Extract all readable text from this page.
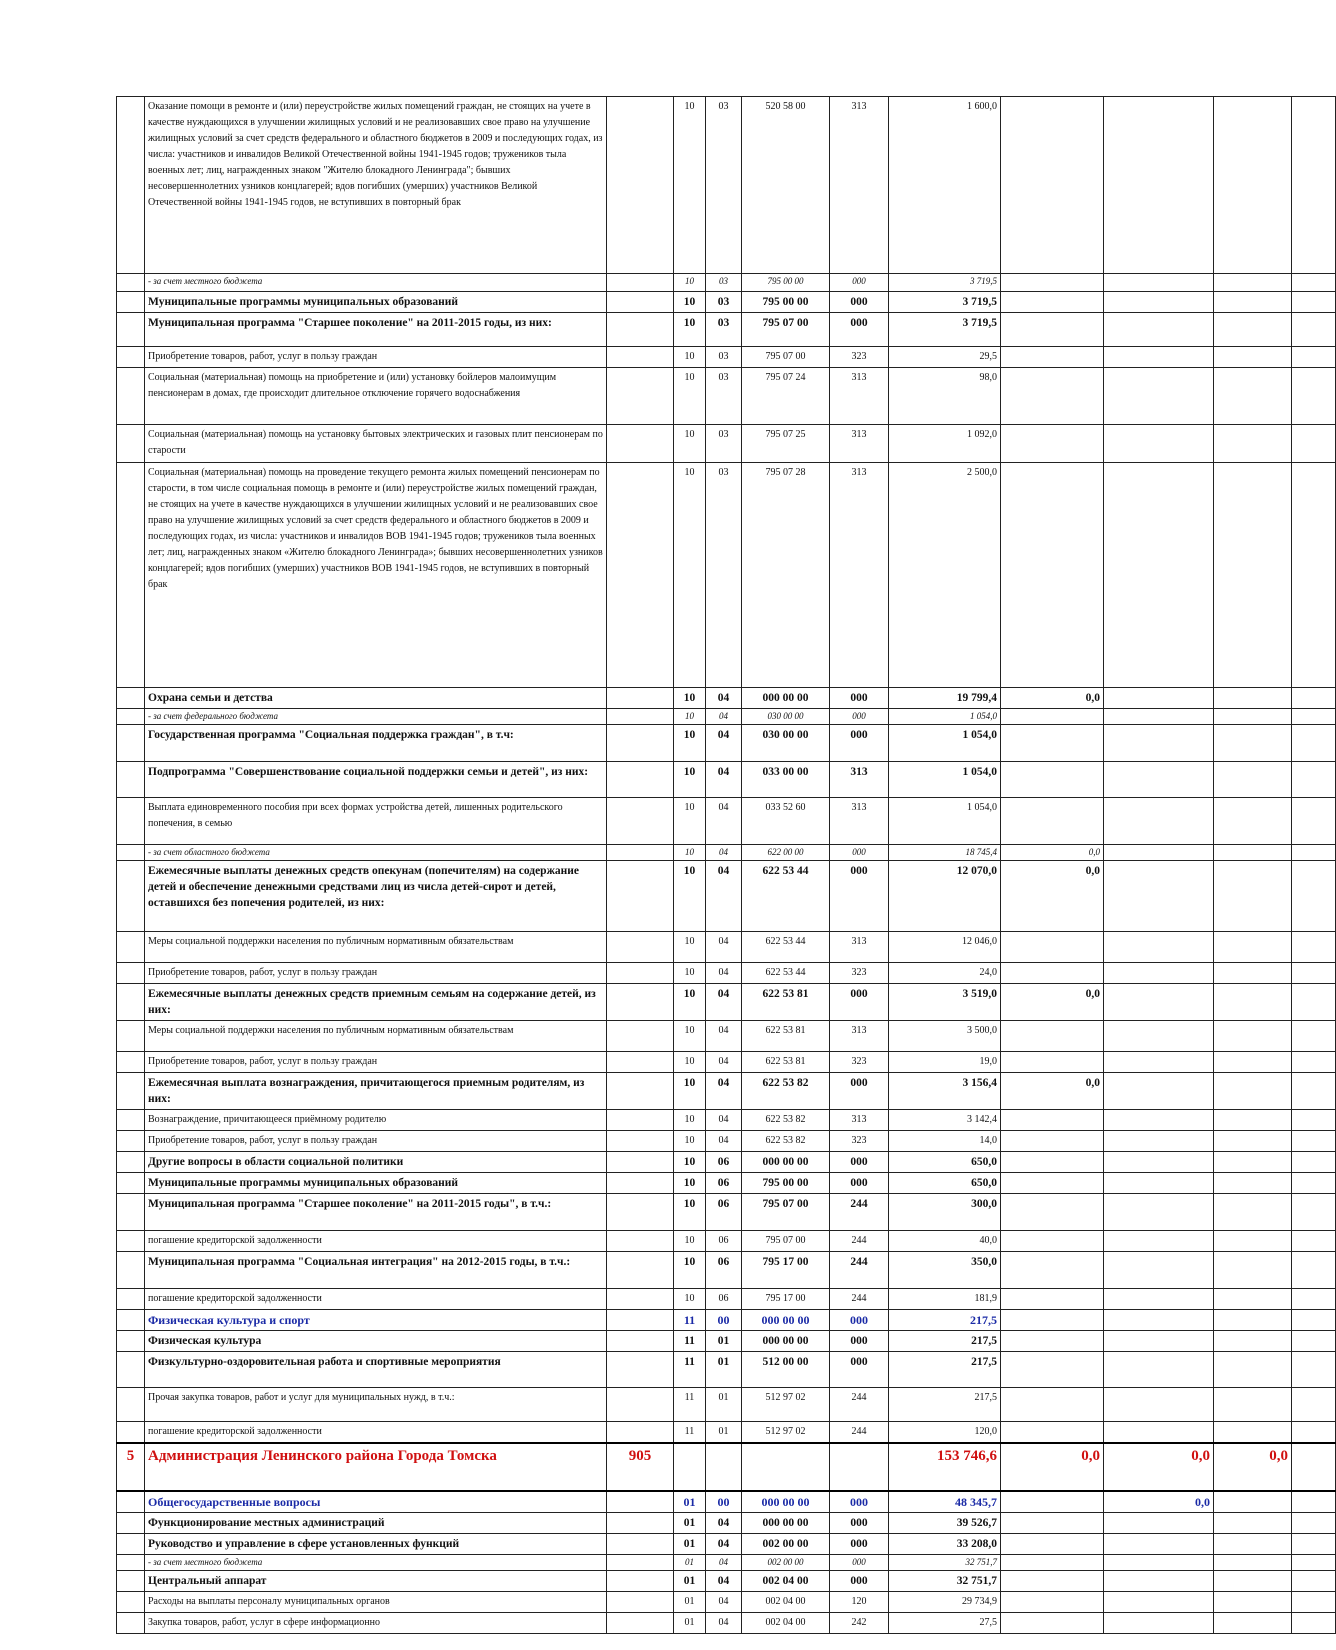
	Оказание помощи в ремонте и (или) переустройстве жилых помещений граждан, не стоящих на учете в качестве нуждающихся в улучшении жилищных условий и не реализовавших свое право на улучшение жилищных условий за счет средств федерального и областного бюджетов в 2009 и последующих годах, из числа: участников и инвалидов Великой Отечественной войны 1941-1945 годов; тружеников тыла военных лет; лиц, награжденных знаком "Жителю блокадного Ленинграда"; бывших несовершеннолетних узников концлагерей; вдов погибших (умерших) участников Великой Отечественной войны 1941-1945 годов, не вступивших в повторный брак		10	03	520 58 00	313	1 600,0				
	- за счет местного бюджета		10	03	795 00 00	000	3 719,5				
	Муниципальные программы муниципальных образований		10	03	795 00 00	000	3 719,5				
	Муниципальная программа "Старшее поколение" на 2011-2015 годы, из них:		10	03	795 07 00	000	3 719,5				
	Приобретение товаров, работ, услуг в пользу граждан		10	03	795 07 00	323	29,5				
	Социальная (материальная) помощь на приобретение и (или) установку бойлеров малоимущим пенсионерам в домах, где происходит длительное отключение горячего водоснабжения		10	03	795 07 24	313	98,0				
	Социальная (материальная) помощь на установку бытовых электрических и газовых плит пенсионерам по старости		10	03	795 07 25	313	1 092,0				
	Социальная (материальная) помощь на проведение текущего ремонта жилых помещений пенсионерам по старости, в том числе социальная помощь в ремонте и (или) переустройстве жилых помещений граждан, не стоящих на учете в качестве нуждающихся в улучшении жилищных условий и не реализовавших свое право на улучшение жилищных условий за счет средств федерального и областного бюджетов в 2009 и последующих годах, из числа: участников и инвалидов ВОВ 1941-1945 годов; тружеников тыла военных лет; лиц, награжденных знаком «Жителю блокадного Ленинграда»; бывших несовершеннолетних узников концлагерей; вдов погибших (умерших) участников ВОВ 1941-1945 годов, не вступивших в повторный брак		10	03	795 07 28	313	2 500,0				
	Охрана семьи и детства		10	04	000 00 00	000	19 799,4	0,0			
	- за счет федерального бюджета		10	04	030 00 00	000	1 054,0				
	Государственная программа "Социальная поддержка граждан", в т.ч:		10	04	030 00 00	000	1 054,0				
	Подпрограмма "Совершенствование социальной поддержки семьи и детей", из них:		10	04	033 00 00	313	1 054,0				
	Выплата единовременного пособия при всех формах устройства детей, лишенных родительского попечения, в семью		10	04	033 52 60	313	1 054,0				
	- за счет областного бюджета		10	04	622 00 00	000	18 745,4	0,0			
	Ежемесячные выплаты денежных средств опекунам (попечителям) на содержание детей и обеспечение денежными средствами лиц из числа детей-сирот и детей, оставшихся без попечения родителей, из них:		10	04	622 53 44	000	12 070,0	0,0			
	Меры социальной поддержки населения по публичным нормативным обязательствам		10	04	622 53 44	313	12 046,0				
	Приобретение товаров, работ, услуг в пользу граждан		10	04	622 53 44	323	24,0				
	Ежемесячные выплаты денежных средств приемным семьям на содержание детей, из них:		10	04	622 53 81	000	3 519,0	0,0			
	Меры социальной поддержки населения по публичным нормативным обязательствам		10	04	622 53 81	313	3 500,0				
	Приобретение товаров, работ, услуг в пользу граждан		10	04	622 53 81	323	19,0				
	Ежемесячная выплата вознаграждения, причитающегося приемным родителям, из них:		10	04	622 53 82	000	3 156,4	0,0			
	Вознаграждение, причитающееся приёмному родителю		10	04	622 53 82	313	3 142,4				
	Приобретение товаров, работ, услуг в пользу граждан		10	04	622 53 82	323	14,0				
	Другие вопросы в области социальной политики		10	06	000 00 00	000	650,0				
	Муниципальные программы муниципальных образований		10	06	795 00 00	000	650,0				
	Муниципальная программа "Старшее поколение" на 2011-2015 годы", в т.ч.:		10	06	795 07 00	244	300,0				
	погашение кредиторской задолженности		10	06	795 07 00	244	40,0				
	Муниципальная программа "Социальная интеграция" на 2012-2015 годы, в т.ч.:		10	06	795 17 00	244	350,0				
	погашение кредиторской задолженности		10	06	795 17 00	244	181,9				
	Физическая культура и спорт		11	00	000 00 00	000	217,5				
	Физическая культура		11	01	000 00 00	000	217,5				
	Физкультурно-оздоровительная работа и спортивные мероприятия		11	01	512 00 00	000	217,5				
	Прочая закупка товаров, работ и услуг для муниципальных нужд, в т.ч.:		11	01	512 97 02	244	217,5				
	погашение кредиторской задолженности		11	01	512 97 02	244	120,0				
5	Администрация Ленинского района Города Томска	905					153 746,6	0,0	0,0	0,0	
	Общегосударственные вопросы		01	00	000 00 00	000	48 345,7		0,0		
	Функционирование местных администраций		01	04	000 00 00	000	39 526,7				
	Руководство и управление в сфере установленных функций		01	04	002 00 00	000	33 208,0				
	- за счет местного бюджета		01	04	002 00 00	000	32 751,7				
	Центральный аппарат		01	04	002 04 00	000	32 751,7				
	Расходы на выплаты персоналу муниципальных органов		01	04	002 04 00	120	29 734,9				
	Закупка товаров, работ, услуг в сфере информационно		01	04	002 04 00	242	27,5				
